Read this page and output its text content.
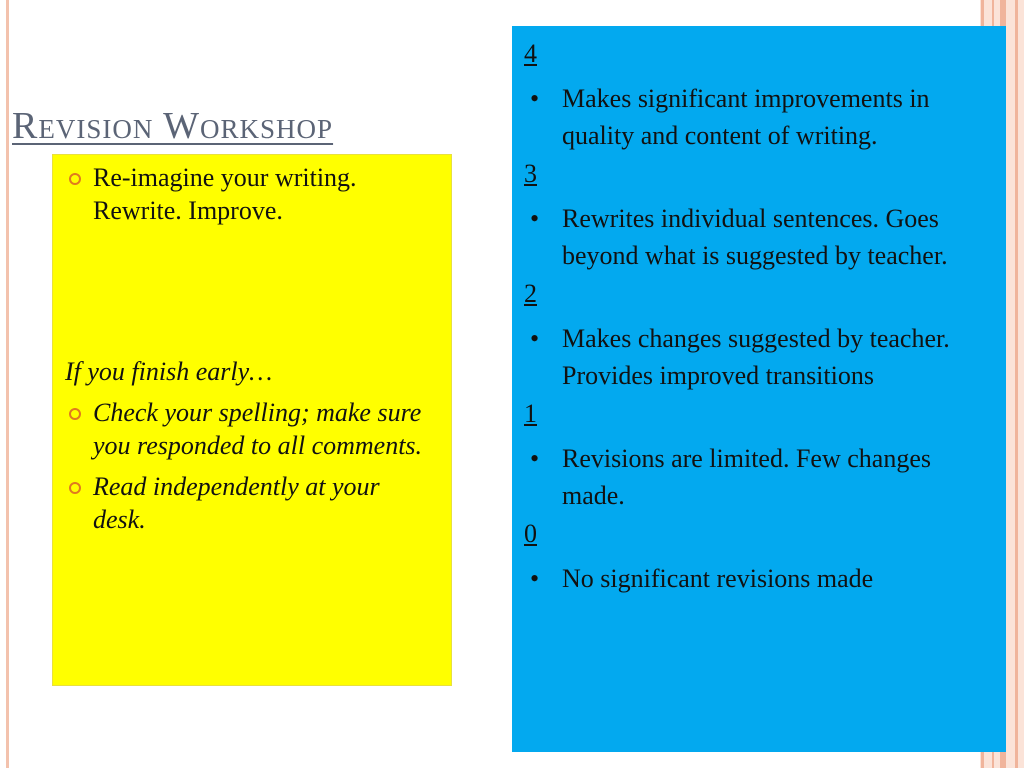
Revision Workshop
Re-imagine your writing. Rewrite. Improve.
If you finish early…
Check your spelling; make sure you responded to all comments.
Read independently at your desk.
4
• Makes significant improvements in quality and content of writing.
3
• Rewrites individual sentences. Goes beyond what is suggested by teacher.
2
• Makes changes suggested by teacher. Provides improved transitions
1
• Revisions are limited. Few changes made.
0
• No significant revisions made
